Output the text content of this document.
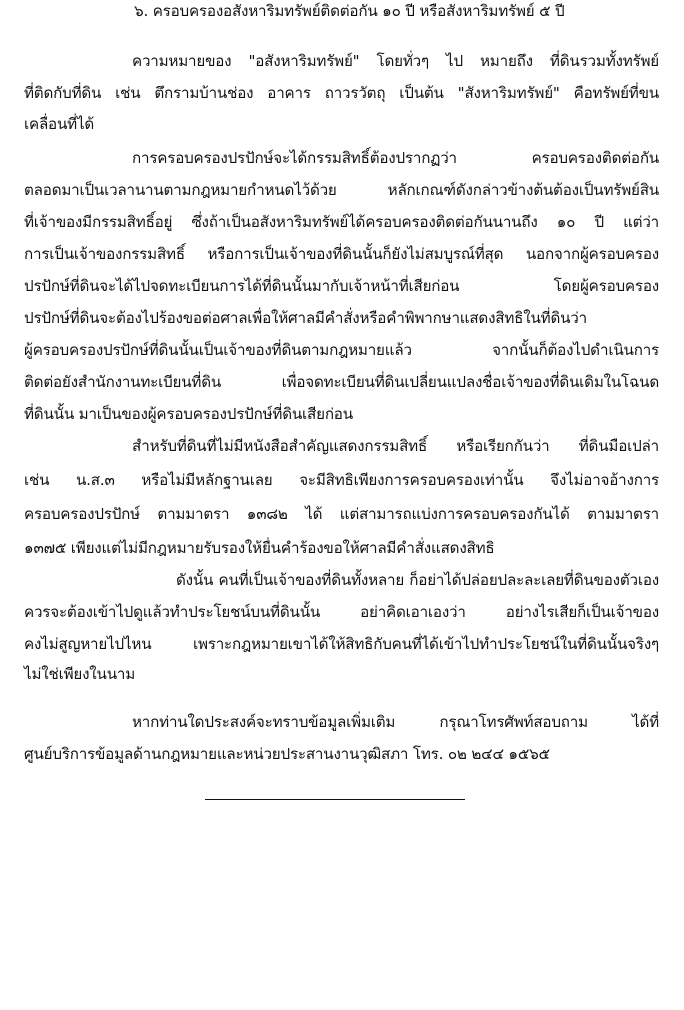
๖. ครอบครองอสังหาริมทรัพย์ติดต่อกัน ๑๐ ปี หรือสังหาริมทรัพย์ ๕ ปี
ความหมายของ "อสังหาริมทรัพย์" โดยทั่วๆ ไป หมายถึง ที่ดินรวมทั้งทรัพย์
ที่ติดกับที่ดิน เช่น ตึกรามบ้านช่อง อาคาร ถาวรวัตถุ เป็นต้น "สังหาริมทรัพย์" คือทรัพย์ที่ขน
เคลื่อนที่ได้
การครอบครองปรปักษ์จะได้กรรมสิทธิ์ต้องปรากฏว่า ครอบครองติดต่อกัน
ตลอดมาเป็นเวลานานตามกฎหมายกำหนดไว้ด้วย หลักเกณฑ์ดังกล่าวข้างต้นต้องเป็นทรัพย์สิน
ที่เจ้าของมีกรรมสิทธิ์อยู่ ซึ่งถ้าเป็นอสังหาริมทรัพย์ได้ครอบครองติดต่อกันนานถึง ๑๐ ปี แต่ว่า
การเป็นเจ้าของกรรมสิทธิ์ หรือการเป็นเจ้าของที่ดินนั้นก็ยังไม่สมบูรณ์ที่สุด นอกจากผู้ครอบครอง
ปรปักษ์ที่ดินจะได้ไปจดทะเบียนการได้ที่ดินนั้นมากับเจ้าหน้าที่เสียก่อน โดยผู้ครอบครอง
ปรปักษ์ที่ดินจะต้องไปร้องขอต่อศาลเพื่อให้ศาลมีคำสั่งหรือคำพิพากษาแสดงสิทธิในที่ดินว่า
ผู้ครอบครองปรปักษ์ที่ดินนั้นเป็นเจ้าของที่ดินตามกฎหมายแล้ว จากนั้นก็ต้องไปดำเนินการ
ติดต่อยังสำนักงานทะเบียนที่ดิน เพื่อจดทะเบียนที่ดินเปลี่ยนแปลงชื่อเจ้าของที่ดินเดิมในโฉนด
ที่ดินนั้น มาเป็นของผู้ครอบครองปรปักษ์ที่ดินเสียก่อน
สำหรับที่ดินที่ไม่มีหนังสือสำคัญแสดงกรรมสิทธิ์ หรือเรียกกันว่า ที่ดินมือเปล่า
เช่น น.ส.๓ หรือไม่มีหลักฐานเลย จะมีสิทธิเพียงการครอบครองเท่านั้น จึงไม่อาจอ้างการ
ครอบครองปรปักษ์ ตามมาตรา ๑๓๘๒ ได้ แต่สามารถแบ่งการครอบครองกันได้ ตามมาตรา
๑๓๗๕ เพียงแต่ไม่มีกฎหมายรับรองให้ยื่นคำร้องขอให้ศาลมีคำสั่งแสดงสิทธิ
ดังนั้น คนที่เป็นเจ้าของที่ดินทั้งหลาย ก็อย่าได้ปล่อยปละละเลยที่ดินของตัวเอง
ควรจะต้องเข้าไปดูแล้วทำประโยชน์บนที่ดินนั้น อย่าคิดเอาเองว่า อย่างไรเสียก็เป็นเจ้าของ
คงไม่สูญหายไปไหน เพราะกฎหมายเขาได้ให้สิทธิกับคนที่ได้เข้าไปทำประโยชน์ในที่ดินนั้นจริงๆ
ไม่ใช่เพียงในนาม
หากท่านใดประสงค์จะทราบข้อมูลเพิ่มเติม กรุณาโทรศัพท์สอบถาม ได้ที่
ศูนย์บริการข้อมูลด้านกฎหมายและหน่วยประสานงานวุฒิสภา โทร. ๐๒ ๒๔๔ ๑๕๖๕
